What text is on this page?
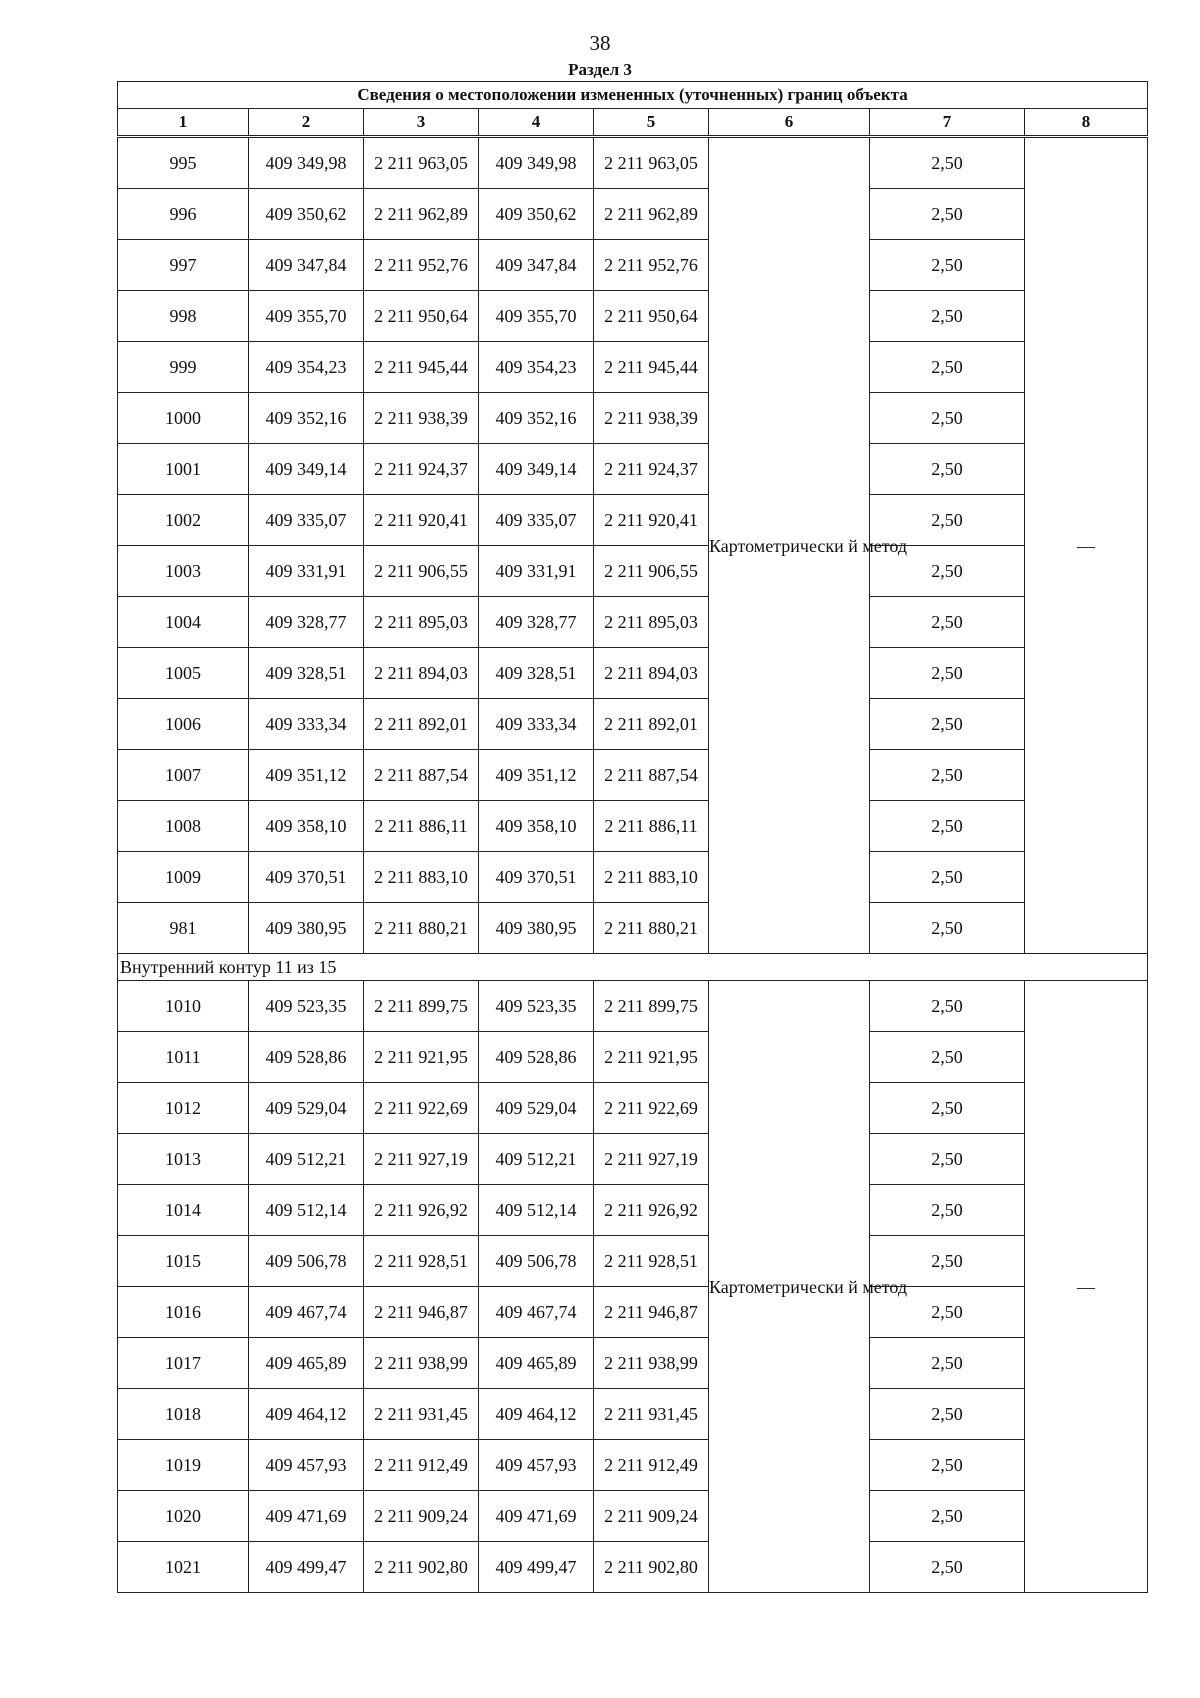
38
Раздел 3
Сведения о местоположении измененных (уточненных) границ объекта							
1	2	3	4	5	6	7	8
995	409 349,98	2 211 963,05	409 349,98	2 211 963,05	Картометрически й метод	2,50	—
996	409 350,62	2 211 962,89	409 350,62	2 211 962,89		2,50	
997	409 347,84	2 211 952,76	409 347,84	2 211 952,76		2,50	
998	409 355,70	2 211 950,64	409 355,70	2 211 950,64		2,50	
999	409 354,23	2 211 945,44	409 354,23	2 211 945,44		2,50	
1000	409 352,16	2 211 938,39	409 352,16	2 211 938,39		2,50	
1001	409 349,14	2 211 924,37	409 349,14	2 211 924,37		2,50	
1002	409 335,07	2 211 920,41	409 335,07	2 211 920,41		2,50	
1003	409 331,91	2 211 906,55	409 331,91	2 211 906,55		2,50	
1004	409 328,77	2 211 895,03	409 328,77	2 211 895,03		2,50	
1005	409 328,51	2 211 894,03	409 328,51	2 211 894,03		2,50	
1006	409 333,34	2 211 892,01	409 333,34	2 211 892,01		2,50	
1007	409 351,12	2 211 887,54	409 351,12	2 211 887,54		2,50	
1008	409 358,10	2 211 886,11	409 358,10	2 211 886,11		2,50	
1009	409 370,51	2 211 883,10	409 370,51	2 211 883,10		2,50	
981	409 380,95	2 211 880,21	409 380,95	2 211 880,21		2,50	
Внутренний контур 11 из 15							
1010	409 523,35	2 211 899,75	409 523,35	2 211 899,75	Картометрически й метод	2,50	—
1011	409 528,86	2 211 921,95	409 528,86	2 211 921,95		2,50	
1012	409 529,04	2 211 922,69	409 529,04	2 211 922,69		2,50	
1013	409 512,21	2 211 927,19	409 512,21	2 211 927,19		2,50	
1014	409 512,14	2 211 926,92	409 512,14	2 211 926,92		2,50	
1015	409 506,78	2 211 928,51	409 506,78	2 211 928,51		2,50	
1016	409 467,74	2 211 946,87	409 467,74	2 211 946,87		2,50	
1017	409 465,89	2 211 938,99	409 465,89	2 211 938,99		2,50	
1018	409 464,12	2 211 931,45	409 464,12	2 211 931,45		2,50	
1019	409 457,93	2 211 912,49	409 457,93	2 211 912,49		2,50	
1020	409 471,69	2 211 909,24	409 471,69	2 211 909,24		2,50	
1021	409 499,47	2 211 902,80	409 499,47	2 211 902,80		2,50	
